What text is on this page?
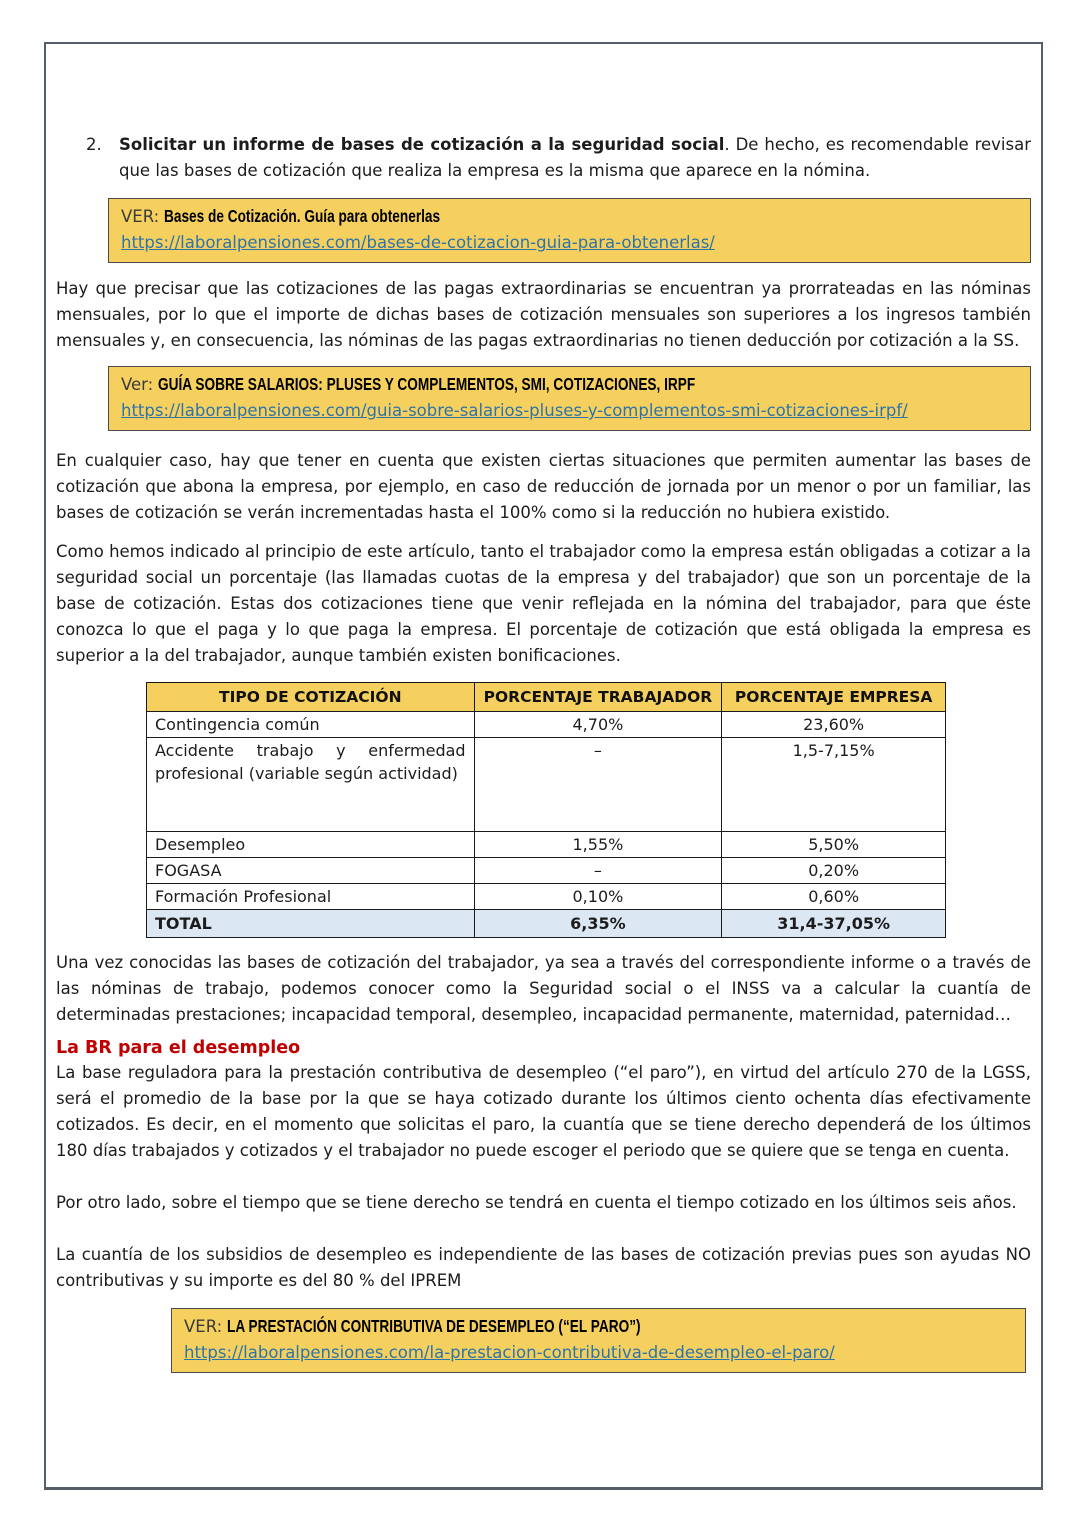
2.	Solicitar un informe de bases de cotización a la seguridad social. De hecho, es recomendable revisar que las bases de cotización que realiza la empresa es la misma que aparece en la nómina.
VER: Bases de Cotización. Guía para obtenerlas
https://laboralpensiones.com/bases-de-cotizacion-guia-para-obtenerlas/

Hay que precisar que las cotizaciones de las pagas extraordinarias se encuentran ya prorrateadas en las nóminas mensuales, por lo que el importe de dichas bases de cotización mensuales son superiores a los ingresos también mensuales y, en consecuencia, las nóminas de las pagas extraordinarias no tienen deducción por cotización a la SS.

Ver: GUÍA SOBRE SALARIOS: PLUSES Y COMPLEMENTOS, SMI, COTIZACIONES, IRPF
https://laboralpensiones.com/guia-sobre-salarios-pluses-y-complementos-smi-cotizaciones-irpf/

En cualquier caso, hay que tener en cuenta que existen ciertas situaciones que permiten aumentar las bases de cotización que abona la empresa, por ejemplo, en caso de reducción de jornada por un menor o por un familiar, las bases de cotización se verán incrementadas hasta el 100% como si la reducción no hubiera existido.

Como hemos indicado al principio de este artículo, tanto el trabajador como la empresa están obligadas a cotizar a la seguridad social un porcentaje (las llamadas cuotas de la empresa y del trabajador) que son un porcentaje de la base de cotización. Estas dos cotizaciones tiene que venir reflejada en la nómina del trabajador, para que éste conozca lo que el paga y lo que paga la empresa. El porcentaje de cotización que está obligada la empresa es superior a la del trabajador, aunque también existen bonificaciones.

TIPO DE COTIZACIÓN	PORCENTAJE TRABAJADOR	PORCENTAJE EMPRESA
Contingencia común	4,70%	23,60%
Accidente trabajo y enfermedad profesional (variable según actividad)	–	1,5-7,15%
Desempleo	1,55%	5,50%
FOGASA	–	0,20%
Formación Profesional	0,10%	0,60%
TOTAL	6,35%	31,4-37,05%

Una vez conocidas las bases de cotización del trabajador, ya sea a través del correspondiente informe o a través de las nóminas de trabajo, podemos conocer como la Seguridad social o el INSS va a calcular la cuantía de determinadas prestaciones; incapacidad temporal, desempleo, incapacidad permanente, maternidad, paternidad…

La BR para el desempleo

La base reguladora para la prestación contributiva de desempleo (“el paro”), en virtud del artículo 270 de la LGSS, será el promedio de la base por la que se haya cotizado durante los últimos ciento ochenta días efectivamente cotizados. Es decir, en el momento que solicitas el paro, la cuantía que se tiene derecho dependerá de los últimos 180 días trabajados y cotizados y el trabajador no puede escoger el periodo que se quiere que se tenga en cuenta.

Por otro lado, sobre el tiempo que se tiene derecho se tendrá en cuenta el tiempo cotizado en los últimos seis años.

La cuantía de los subsidios de desempleo es independiente de las bases de cotización previas pues son ayudas NO contributivas y su importe es del 80 % del IPREM

VER: LA PRESTACIÓN CONTRIBUTIVA DE DESEMPLEO (“EL PARO”)
https://laboralpensiones.com/la-prestacion-contributiva-de-desempleo-el-paro/
